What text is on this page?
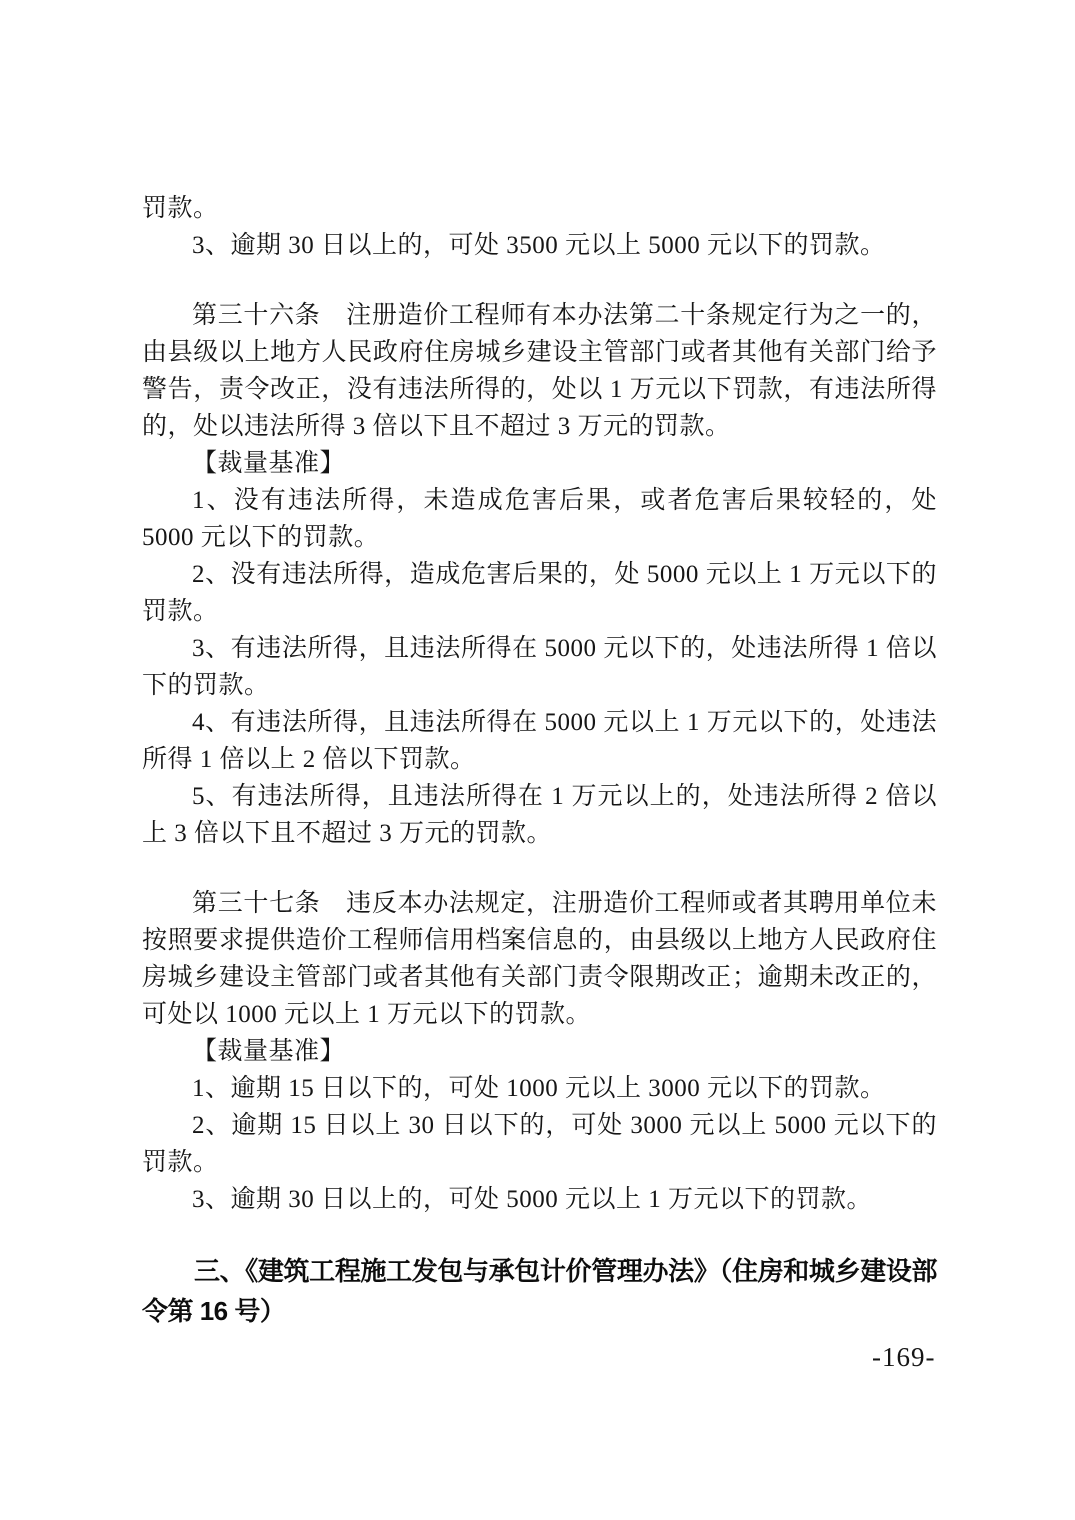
罚款。

3、逾期 30 日以上的，可处 3500 元以上 5000 元以下的罚款。

第三十六条　注册造价工程师有本办法第二十条规定行为之一的，由县级以上地方人民政府住房城乡建设主管部门或者其他有关部门给予警告，责令改正，没有违法所得的，处以 1 万元以下罚款，有违法所得的，处以违法所得 3 倍以下且不超过 3 万元的罚款。

【裁量基准】

1、没有违法所得，未造成危害后果，或者危害后果较轻的，处 5000 元以下的罚款。

2、没有违法所得，造成危害后果的，处 5000 元以上 1 万元以下的罚款。

3、有违法所得，且违法所得在 5000 元以下的，处违法所得 1 倍以下的罚款。

4、有违法所得，且违法所得在 5000 元以上 1 万元以下的，处违法所得 1 倍以上 2 倍以下罚款。

5、有违法所得，且违法所得在 1 万元以上的，处违法所得 2 倍以上 3 倍以下且不超过 3 万元的罚款。

第三十七条　违反本办法规定，注册造价工程师或者其聘用单位未按照要求提供造价工程师信用档案信息的，由县级以上地方人民政府住房城乡建设主管部门或者其他有关部门责令限期改正；逾期未改正的，可处以 1000 元以上 1 万元以下的罚款。

【裁量基准】

1、逾期 15 日以下的，可处 1000 元以上 3000 元以下的罚款。

2、逾期 15 日以上 30 日以下的，可处 3000 元以上 5000 元以下的罚款。

3、逾期 30 日以上的，可处 5000 元以上 1 万元以下的罚款。

三、《建筑工程施工发包与承包计价管理办法》（住房和城乡建设部令第 16 号）
-169-
